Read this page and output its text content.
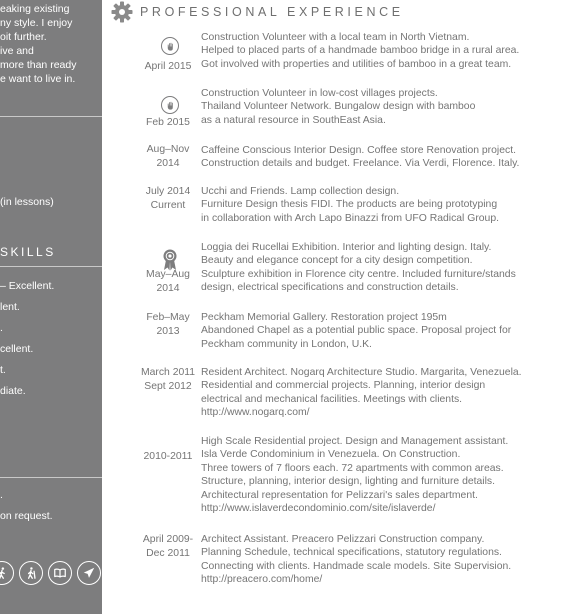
eaking existing
ny style. I enjoy
oit further.
ive and
more than ready
e want to live in.
(in lessons)
SKILLS
– Excellent.
lent.
.
cellent.
t.
diate.
.
on request.
PROFESSIONAL EXPERIENCE
April 2015
Construction Volunteer with a local team in North Vietnam.
Helped to placed parts of a handmade bamboo bridge in a rural area.
Got involved with properties and utilities of bamboo in a great team.
Feb 2015
Construction Volunteer in low-cost villages projects.
Thailand Volunteer Network. Bungalow design with bamboo
as a natural resource in SouthEast Asia.
Aug–Nov
2014
Caffeine Conscious Interior Design. Coffee store Renovation project.
Construction details and budget. Freelance. Via Verdi, Florence. Italy.
July 2014
Current
Ucchi and Friends. Lamp collection design.
Furniture Design thesis FIDI. The products are being prototyping
in collaboration with Arch Lapo Binazzi from UFO Radical Group.
May–Aug
2014
Loggia dei Rucellai Exhibition. Interior and lighting design. Italy.
Beauty and elegance concept for a city design competition.
Sculpture exhibition in Florence city centre. Included furniture/stands
design, electrical specifications and construction details.
Feb–May
2013
Peckham Memorial Gallery. Restoration project 195m
Abandoned Chapel as a potential public space. Proposal project for
Peckham community in London, U.K.
March 2011
Sept 2012
Resident Architect. Nogarq Architecture Studio. Margarita, Venezuela.
Residential and commercial projects. Planning, interior design
electrical and mechanical facilities. Meetings with clients.
http://www.nogarq.com/
2010-2011
High Scale Residential project. Design and Management assistant.
Isla Verde Condominium in Venezuela. On Construction.
Three towers of 7 floors each. 72 apartments with common areas.
Structure, planning, interior design, lighting and furniture details.
Architectural representation for Pelizzari's sales department.
http://www.islaverdecondominio.com/site/islaverde/
April 2009-
Dec 2011
Architect Assistant. Preacero Pelizzari Construction company.
Planning Schedule, technical specifications, statutory regulations.
Connecting with clients. Handmade scale models. Site Supervision.
http://preacero.com/home/
